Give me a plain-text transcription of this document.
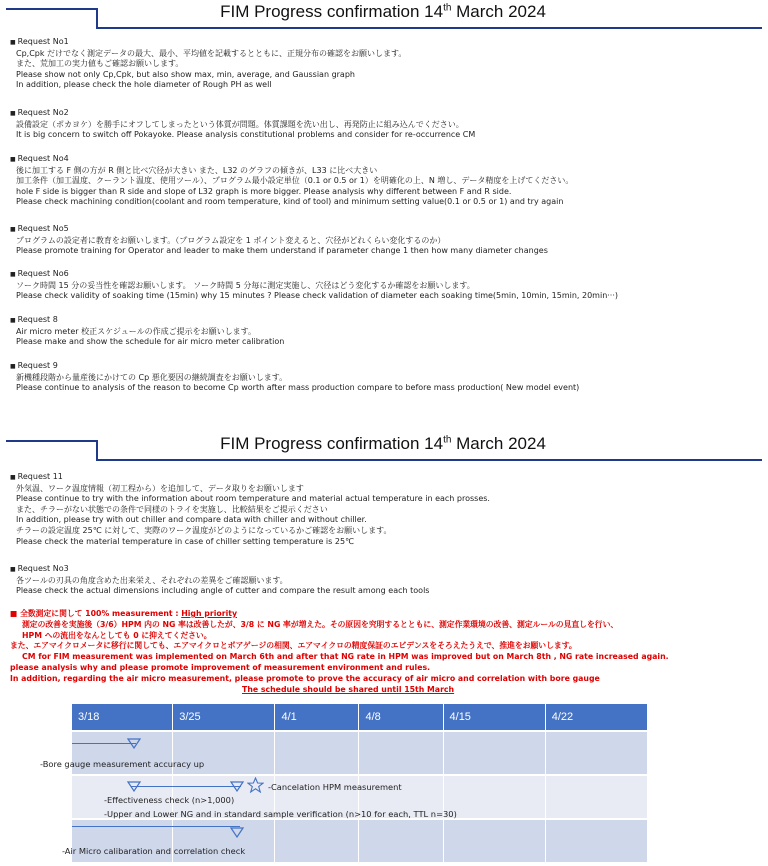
FIM Progress confirmation 14th March 2024
■ Request No1
Cp,Cpk だけでなく測定データの最大、最小、平均値を記載するとともに、正規分布の確認をお願いします。
また、荒加工の実力値もご確認お願いします。
Please show not only Cp,Cpk, but also show max, min, average, and Gaussian graph
In addition, please check the hole diameter of Rough PH as well
■ Request No2
設備設定（ポカヨケ）を勝手にオフしてしまったという体質が問題。体質課題を洗い出し、再発防止に組み込んでください。
It is big concern to switch off Pokayoke. Please analysis constitutional problems and consider for re-occurrence CM
■ Request No4
後に加工する F 側の方が R 側と比べ穴径が大きい また、L32 のグラフの傾きが、L33 に比べ大きい
加工条件（加工温度、クーラント温度、使用ツール）、プログラム最小設定単位（0.1 or 0.5 or 1）を明確化の上、N 増し、データ精度を上げてください。
hole F side is bigger than R side and slope of L32 graph is more bigger. Please analysis why different between F and R side.
Please check machining condition(coolant and room temperature, kind of tool) and minimum setting value(0.1 or 0.5 or 1) and try again
■ Request No5
プログラムの設定者に教育をお願いします。（プログラム設定を 1 ポイント変えると、穴径がどれくらい変化するのか）
Please promote training for Operator and leader to make them understand if parameter change 1 then how many diameter changes
■ Request No6
ソーク時間 15 分の妥当性を確認お願いします。 ソーク時間 5 分毎に測定実施し、穴径はどう変化するか確認をお願いします。
Please check validity of soaking time (15min) why 15 minutes ? Please check validation of diameter each soaking time(5min, 10min, 15min, 20min···)
■ Request 8
Air micro meter 校正スケジュールの作成ご提示をお願いします。
Please make and show the schedule for air micro meter calibration
■ Request 9
新機種段階から量産後にかけての Cp 悪化要因の継続調査をお願いします。
Please continue to analysis of the reason to become Cp worth after mass production compare to before mass production( New model event)
FIM Progress confirmation 14th March 2024
■ Request 11
外気温、ワーク温度情報（初工程から）を追加して、データ取りをお願いします
Please continue to try with the information about room temperature and material actual temperature in each prosses.
また、チラーがない状態での条件で同様のトライを実施し、比較結果をご提示ください
In addition, please try with out chiller and compare data with chiller and without chiller.
チラーの設定温度 25℃ に対して、実際のワーク温度がどのようになっているかご確認をお願いします。
Please check the material temperature in case of chiller setting temperature is 25℃
■ Request No3
各ツールの刃具の角度含めた出来栄え、それぞれの差異をご確認願います。
Please check the actual dimensions including angle of cutter and compare the result among each tools
■ 全数測定に関して 100% measurement : High priority
測定の改善を実施後（3/6）HPM 内の NG 率は改善したが、3/8 に NG 率が増えた。その原因を究明するとともに、測定作業環境の改善、測定ルールの見直しを行い、
HPM への流出をなんとしても 0 に抑えてください。
また、エアマイクロメータに移行に関しても、エアマイクロとボアゲージの相関、エアマイクロの精度保証のエビデンスをそろえたうえで、推進をお願いします。
CM for FIM measurement was implemented on March 6th and after that NG rate in HPM was improved but on March 8th , NG rate increased again.
please analysis why and please promote improvement of measurement environment and rules.
In addition, regarding the air micro measurement, please promote to prove the accuracy of air micro and correlation with bore gauge
The schedule should be shared until 15th March
3/18	3/25	4/1	4/8	4/15	4/22

-Bore gauge measurement accuracy up
-Cancelation HPM measurement
-Effectiveness check (n>1,000)
-Upper and Lower NG and in standard sample verification (n>10 for each, TTL n=30)
-Air Micro calibaration and correlation check
